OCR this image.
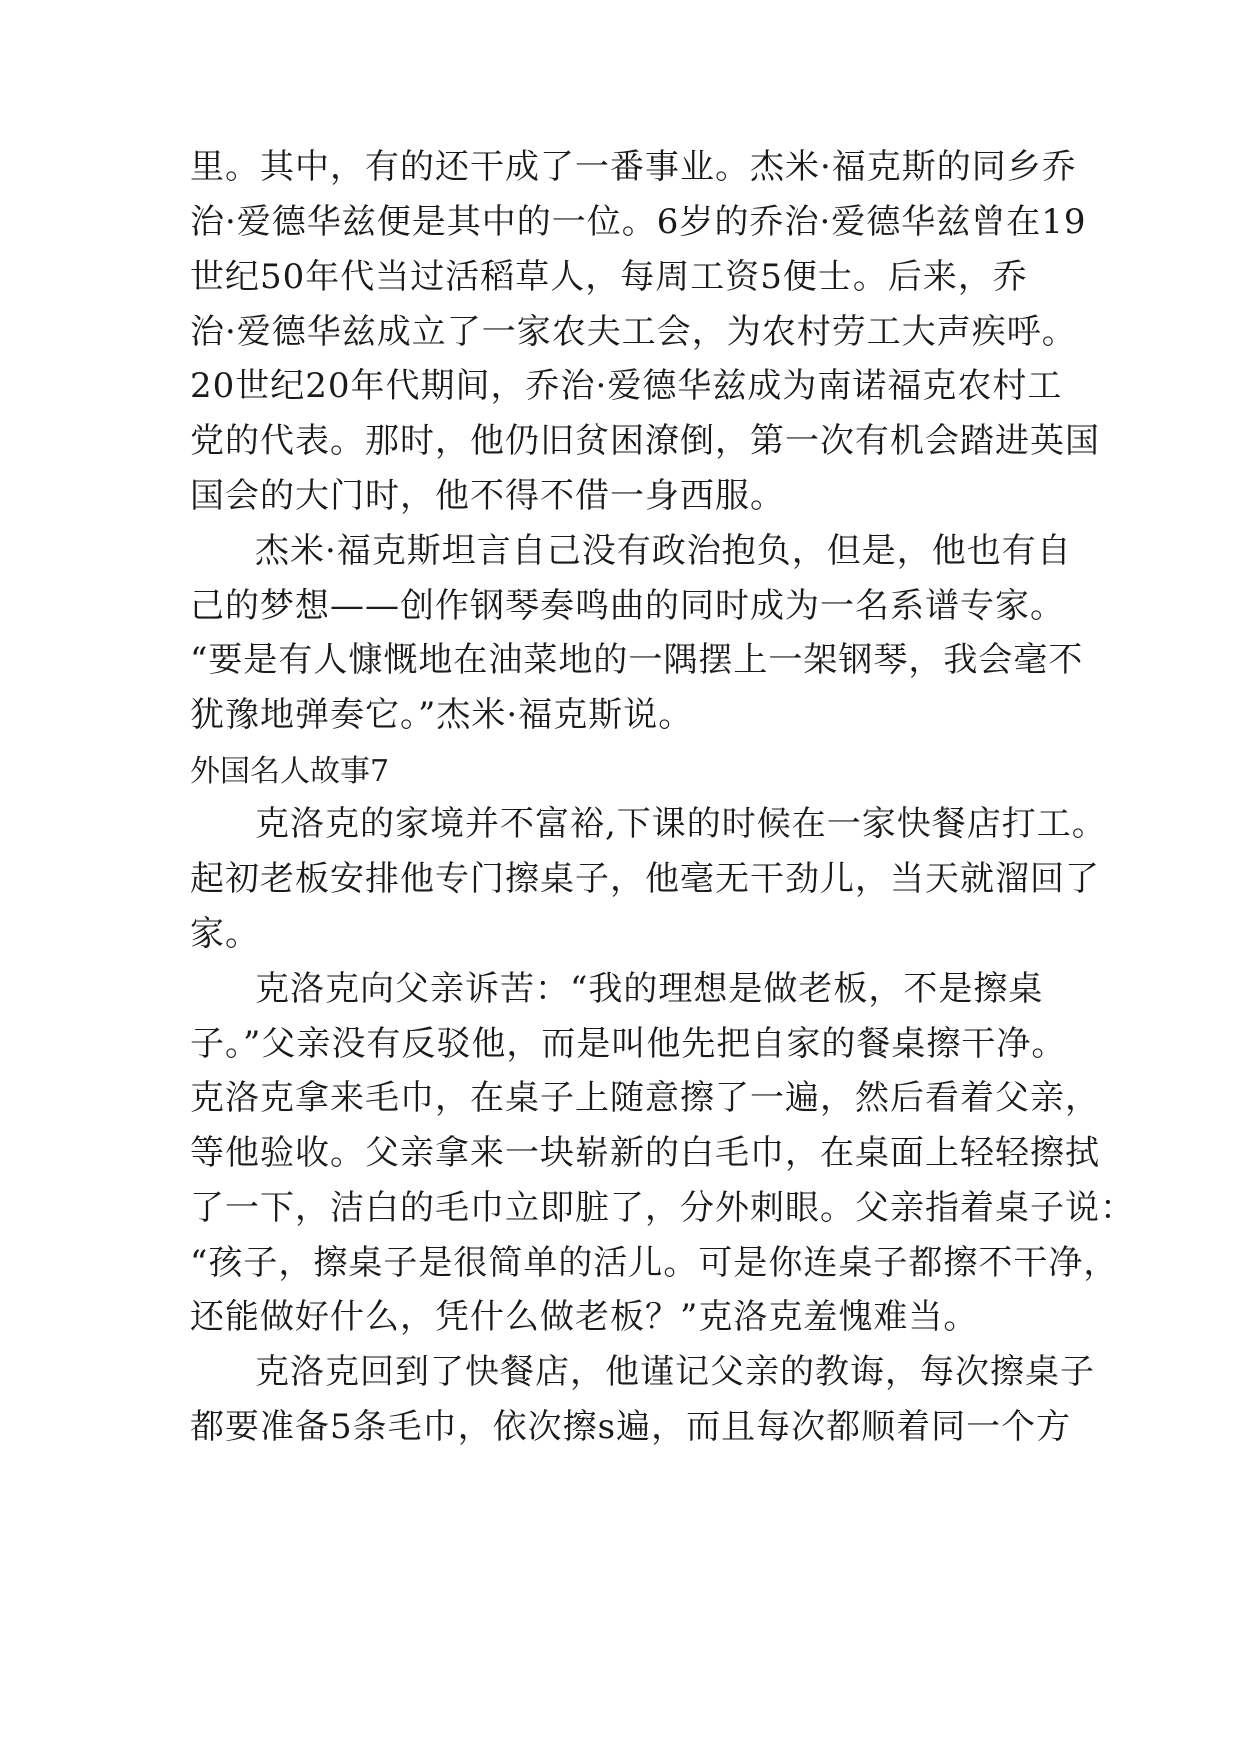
里。其中，有的还干成了一番事业。杰米·福克斯的同乡乔
治·爱德华兹便是其中的一位。6岁的乔治·爱德华兹曾在19
世纪50年代当过活稻草人，每周工资5便士。后来，乔
治·爱德华兹成立了一家农夫工会，为农村劳工大声疾呼。
20世纪20年代期间，乔治·爱德华兹成为南诺福克农村工
党的代表。那时，他仍旧贫困潦倒，第一次有机会踏进英国
国会的大门时，他不得不借一身西服。
杰米·福克斯坦言自己没有政治抱负，但是，他也有自
己的梦想——创作钢琴奏鸣曲的同时成为一名系谱专家。
“要是有人慷慨地在油菜地的一隅摆上一架钢琴，我会毫不
犹豫地弹奏它。”杰米·福克斯说。
外国名人故事7
克洛克的家境并不富裕,下课的时候在一家快餐店打工。
起初老板安排他专门擦桌子，他毫无干劲儿，当天就溜回了
家。
克洛克向父亲诉苦：“我的理想是做老板，不是擦桌
子。”父亲没有反驳他，而是叫他先把自家的餐桌擦干净。
克洛克拿来毛巾，在桌子上随意擦了一遍，然后看着父亲，
等他验收。父亲拿来一块崭新的白毛巾，在桌面上轻轻擦拭
了一下，洁白的毛巾立即脏了，分外刺眼。父亲指着桌子说：
“孩子，擦桌子是很简单的活儿。可是你连桌子都擦不干净，
还能做好什么，凭什么做老板？”克洛克羞愧难当。
克洛克回到了快餐店，他谨记父亲的教诲，每次擦桌子
都要准备5条毛巾，依次擦s遍，而且每次都顺着同一个方
